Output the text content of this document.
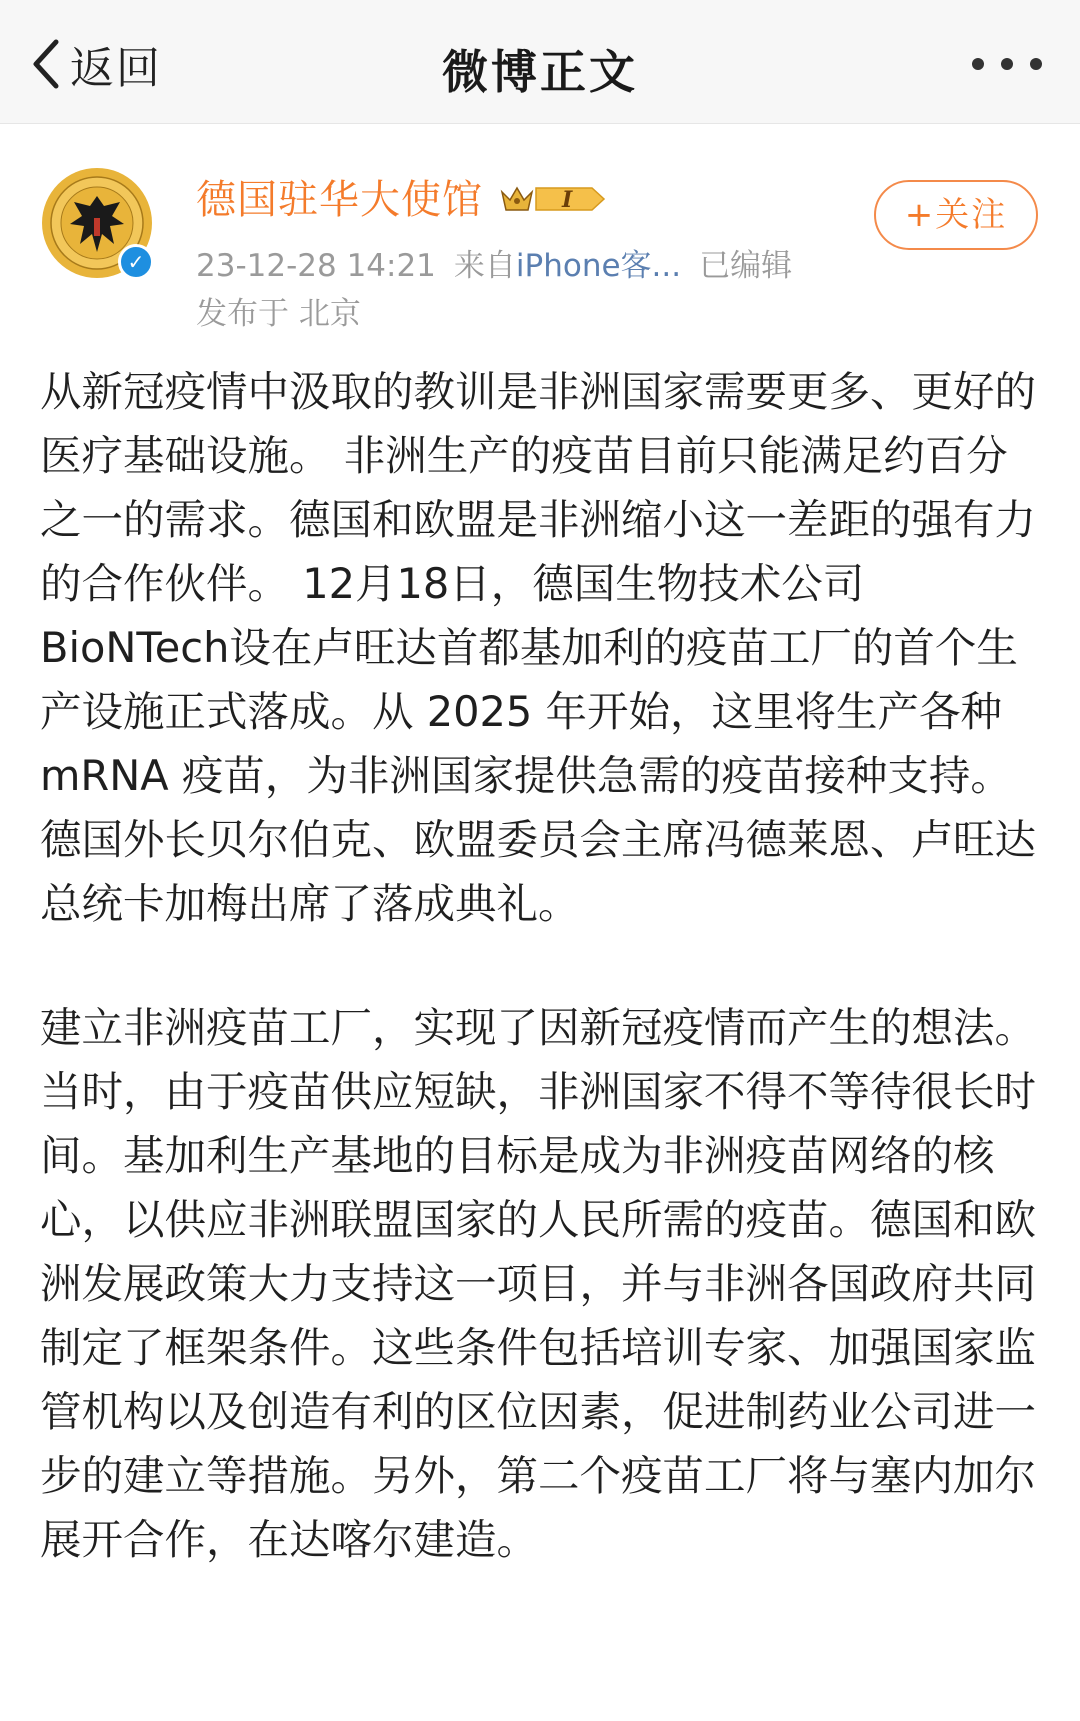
返回	微博正文
✓
德国驻华大使馆	I
23-12-28 14:21 来自iPhone客... 已编辑
发布于 北京
+关注

从新冠疫情中汲取的教训是非洲国家需要更多、更好的医疗基础设施。 非洲生产的疫苗目前只能满足约百分之一的需求。德国和欧盟是非洲缩小这一差距的强有力的合作伙伴。 12月18日，德国生物技术公司 BioNTech设在卢旺达首都基加利的疫苗工厂的首个生产设施正式落成。从 2025 年开始，这里将生产各种 mRNA 疫苗，为非洲国家提供急需的疫苗接种支持。德国外长贝尔伯克、欧盟委员会主席冯德莱恩、卢旺达总统卡加梅出席了落成典礼。

建立非洲疫苗工厂，实现了因新冠疫情而产生的想法。当时，由于疫苗供应短缺，非洲国家不得不等待很长时间。基加利生产基地的目标是成为非洲疫苗网络的核心，以供应非洲联盟国家的人民所需的疫苗。德国和欧洲发展政策大力支持这一项目，并与非洲各国政府共同制定了框架条件。这些条件包括培训专家、加强国家监管机构以及创造有利的区位因素，促进制药业公司进一步的建立等措施。另外，第二个疫苗工厂将与塞内加尔展开合作，在达喀尔建造。
